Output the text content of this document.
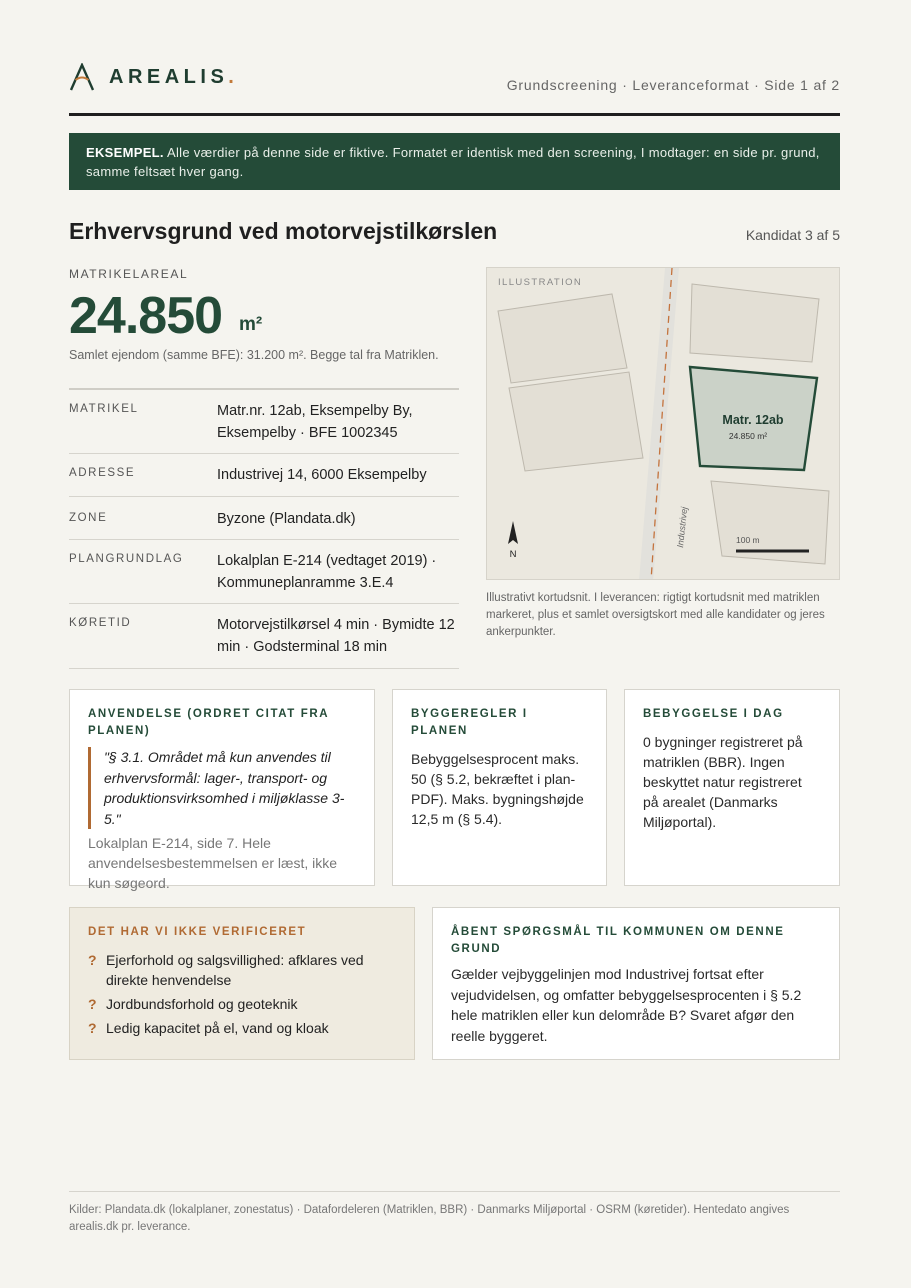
AREALIS.	Grundscreening · Leveranceformat · Side 1 af 2
EKSEMPEL. Alle værdier på denne side er fiktive. Formatet er identisk med den screening, I modtager: en side pr. grund, samme feltsæt hver gang.
Erhvervsgrund ved motorvejstilkørslen	Kandidat 3 af 5
MATRIKELAREAL
24.850 m²
Samlet ejendom (samme BFE): 31.200 m². Begge tal fra Matriklen.
MATRIKEL	Matr.nr. 12ab, Eksempelby By, Eksempelby · BFE 1002345
ADRESSE	Industrivej 14, 6000 Eksempelby
ZONE	Byzone (Plandata.dk)
PLANGRUNDLAG Lokalplan E-214 (vedtaget 2019) · Kommuneplanramme 3.E.4
KØRETID	Motorvejstilkørsel 4 min · Bymidte 12 min · Godsterminal 18 min
ILLUSTRATION
Matr. 12ab
24.850 m²
Industrivej
N
100 m
Illustrativt kortudsnit. I leverancen: rigtigt kortudsnit med matriklen markeret, plus et samlet oversigtskort med alle kandidater og jeres ankerpunkter.
ANVENDELSE (ORDRET CITAT FRA PLANEN)
"§ 3.1. Området må kun anvendes til erhvervsformål: lager-, transport- og produktionsvirksomhed i miljøklasse 3-5."
Lokalplan E-214, side 7. Hele anvendelsesbestemmelsen er læst, ikke kun søgeord.
BYGGEREGLER I PLANEN
Bebyggelsesprocent maks. 50 (§ 5.2, bekræftet i plan-PDF). Maks. bygningshøjde 12,5 m (§ 5.4).
BEBYGGELSE I DAG
0 bygninger registreret på matriklen (BBR). Ingen beskyttet natur registreret på arealet (Danmarks Miljøportal).
DET HAR VI IKKE VERIFICERET
? Ejerforhold og salgsvillighed: afklares ved direkte henvendelse
? Jordbundsforhold og geoteknik
? Ledig kapacitet på el, vand og kloak
ÅBENT SPØRGSMÅL TIL KOMMUNEN OM DENNE GRUND
Gælder vejbyggelinjen mod Industrivej fortsat efter vejudvidelsen, og omfatter bebyggelsesprocenten i § 5.2 hele matriklen eller kun delområde B? Svaret afgør den reelle byggeret.
Kilder: Plandata.dk (lokalplaner, zonestatus) · Datafordeleren (Matriklen, BBR) · Danmarks Miljøportal · OSRM (køretider). Hentedato angives arealis.dk pr. leverance.
